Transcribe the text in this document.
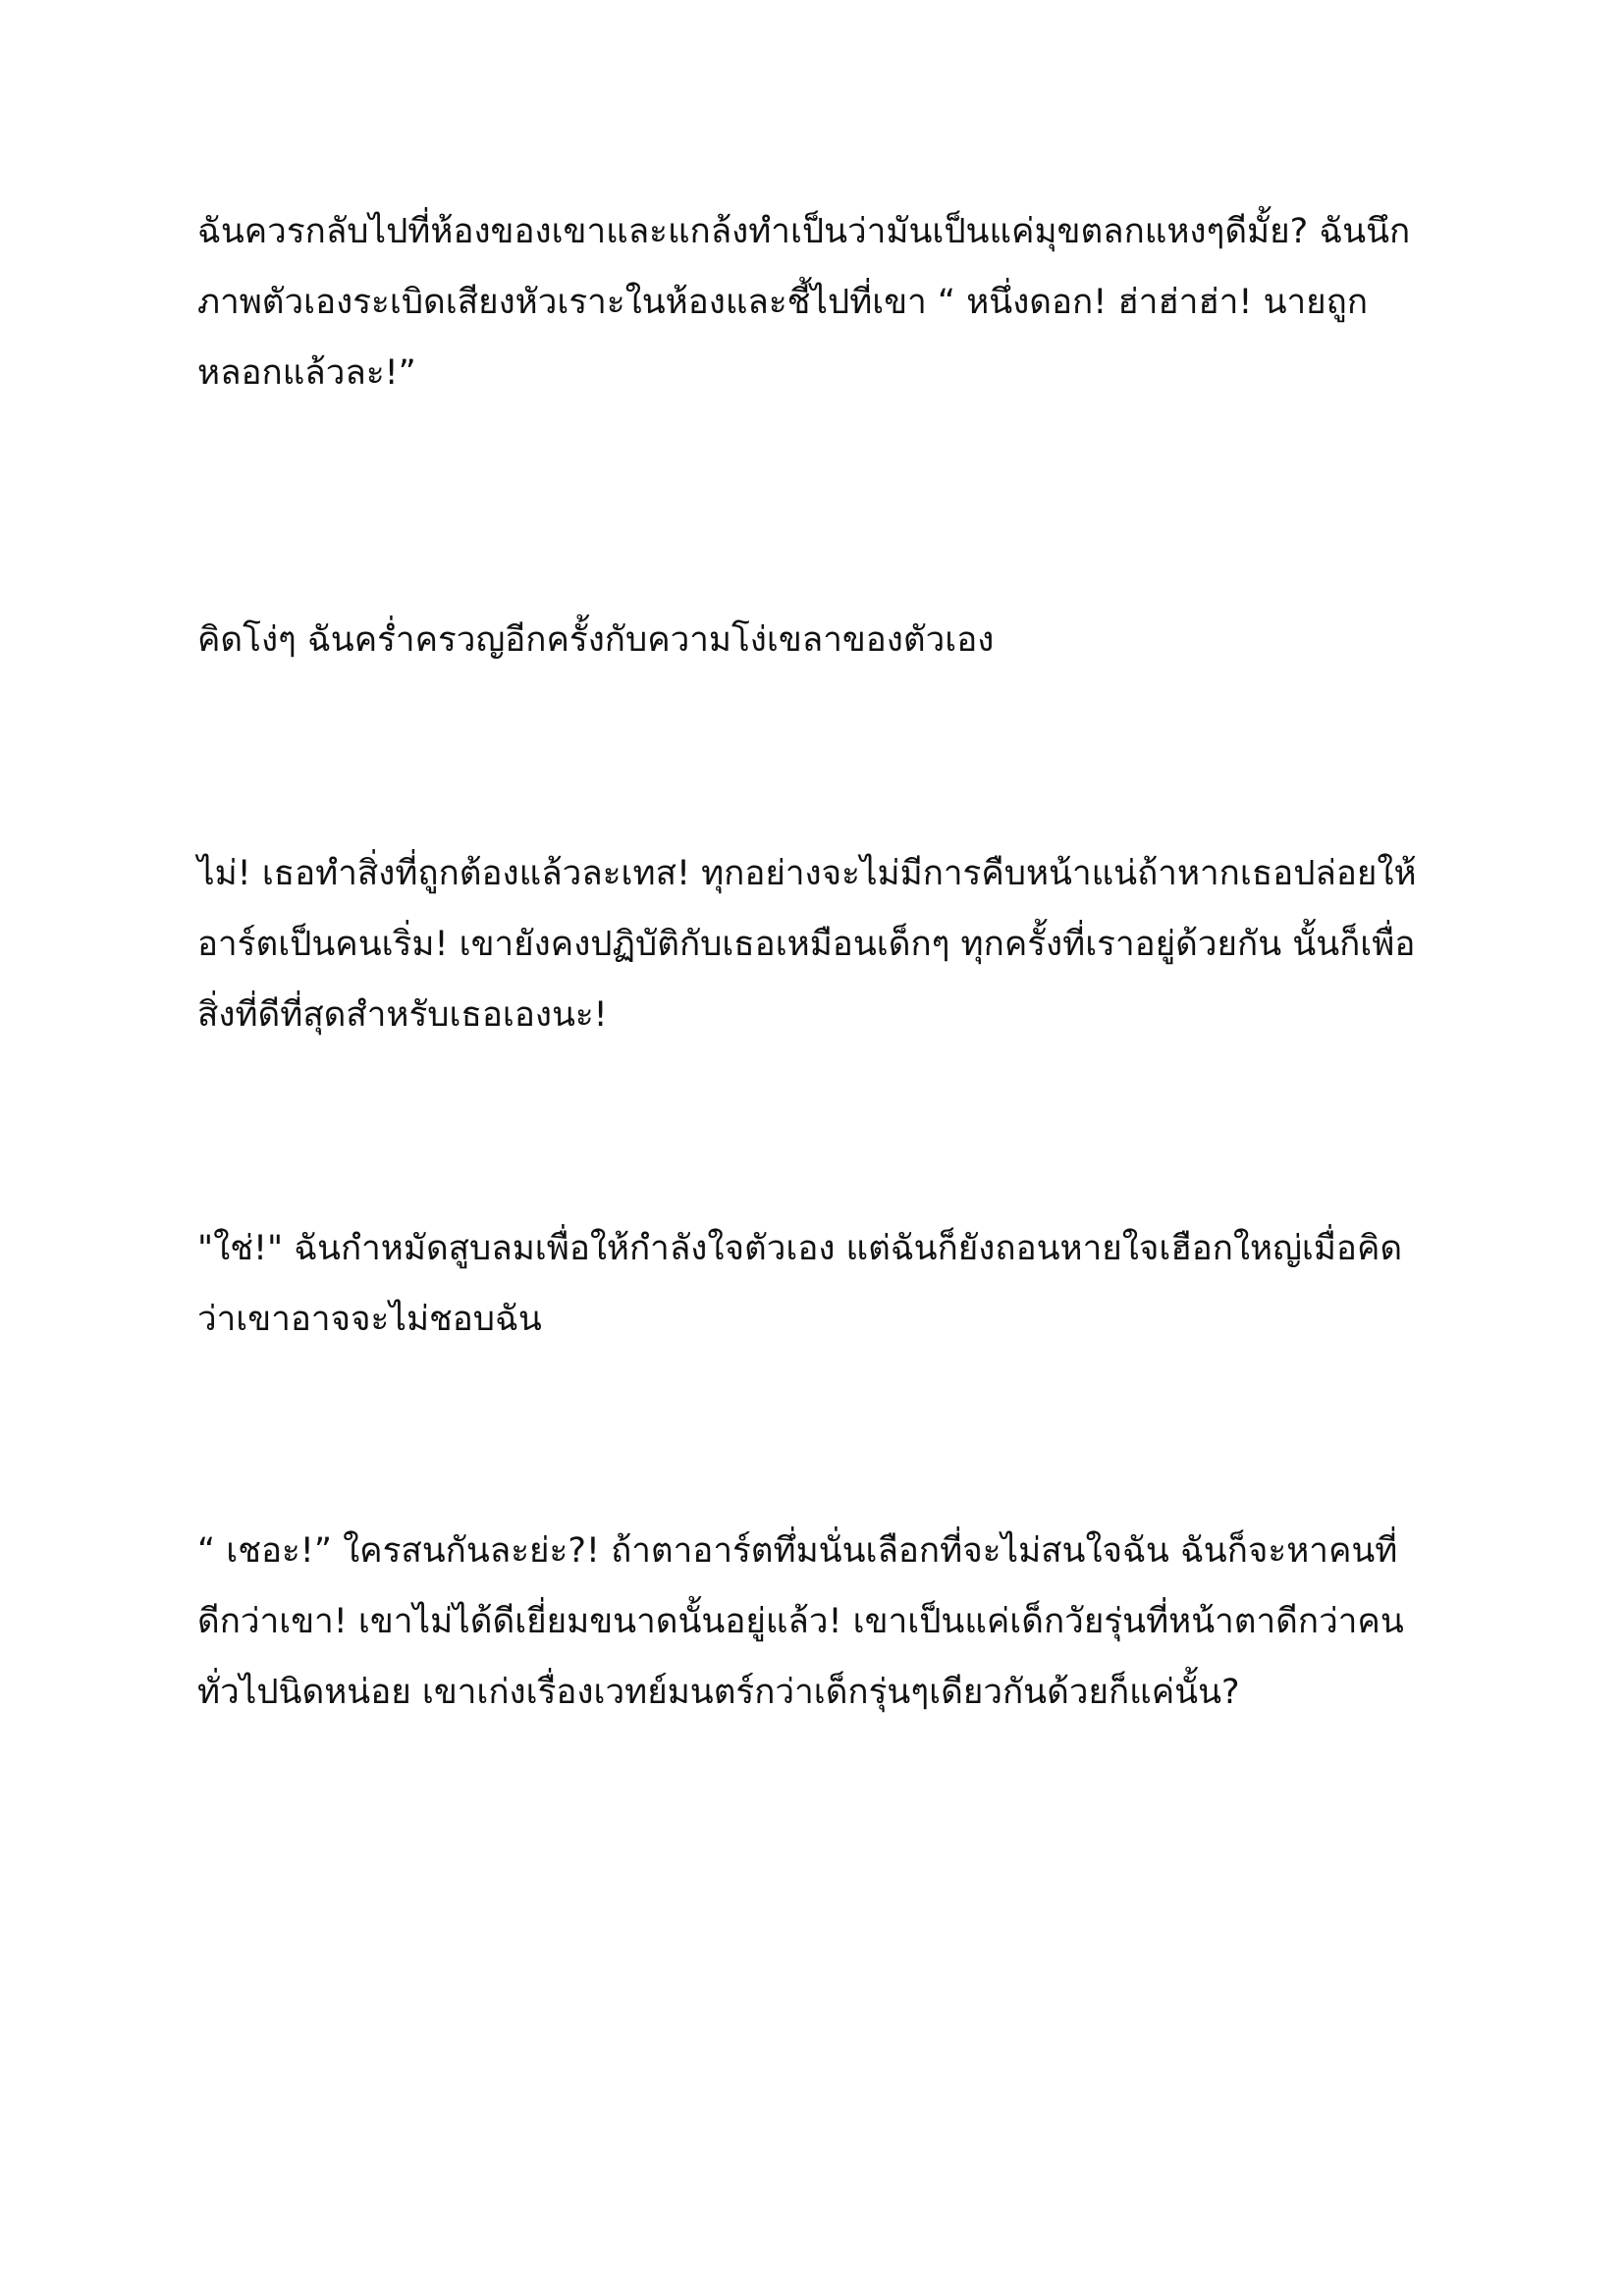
ฉันควรกลับไปที่ห้องของเขาและแกล้งทำเป็นว่ามันเป็นแค่มุขตลกแหงๆดีมั้ย? ฉันนึก
ภาพตัวเองระเบิดเสียงหัวเราะในห้องและชี้ไปที่เขา “ หนึ่งดอก! ฮ่าฮ่าฮ่า! นายถูก
หลอกแล้วละ!”

คิดโง่ๆ ฉันคร่ำครวญอีกครั้งกับความโง่เขลาของตัวเอง

ไม่! เธอทำสิ่งที่ถูกต้องแล้วละเทส! ทุกอย่างจะไม่มีการคืบหน้าแน่ถ้าหากเธอปล่อยให้
อาร์ตเป็นคนเริ่ม! เขายังคงปฏิบัติกับเธอเหมือนเด็กๆ ทุกครั้งที่เราอยู่ด้วยกัน นั้นก็เพื่อ
สิ่งที่ดีที่สุดสำหรับเธอเองนะ!

"ใช่!" ฉันกำหมัดสูบลมเพื่อให้กำลังใจตัวเอง แต่ฉันก็ยังถอนหายใจเฮือกใหญ่เมื่อคิด
ว่าเขาอาจจะไม่ชอบฉัน

“ เชอะ!” ใครสนกันละย่ะ?! ถ้าตาอาร์ตทึ่มนั่นเลือกที่จะไม่สนใจฉัน ฉันก็จะหาคนที่
ดีกว่าเขา! เขาไม่ได้ดีเยี่ยมขนาดนั้นอยู่แล้ว! เขาเป็นแค่เด็กวัยรุ่นที่หน้าตาดีกว่าคน
ทั่วไปนิดหน่อย เขาเก่งเรื่องเวทย์มนตร์กว่าเด็กรุ่นๆเดียวกันด้วยก็แค่นั้น?
